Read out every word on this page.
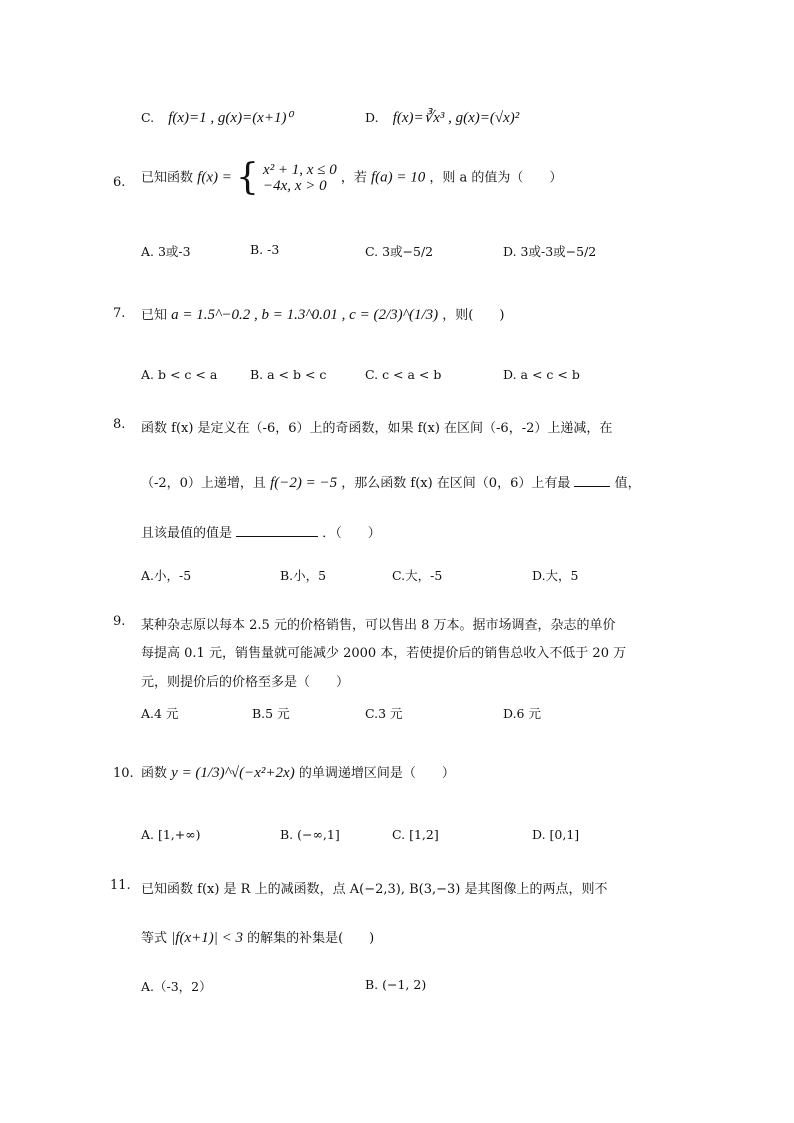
C. f(x)=1 , g(x)=(x+1)⁰	D. f(x)=∛x³ , g(x)=(√x)²
6. 已知函数 f(x) = { x² + 1, x ≤ 0
−4x, x > 0	，若 f(a) = 10 ，则 a 的值为（　　）
A. 3或-3	B. -3	C. 3或−5/2	D. 3或-3或−5/2
7. 已知 a = 1.5^−0.2 , b = 1.3^0.01 , c = (2/3)^(1/3) ，则(　　)
A. b < c < a	B. a < b < c	C. c < a < b	D. a < c < b
8. 函数 f(x) 是定义在（-6，6）上的奇函数，如果 f(x) 在区间（-6，-2）上递减，在
（-2，0）上递增，且 f(−2) = −5 ，那么函数 f(x) 在区间（0，6）上有最	值，
且该最值的值是	．（　　）
A.小，-5	B.小，5	C.大，-5	D.大，5
9. 某种杂志原以每本 2.5 元的价格销售，可以售出 8 万本。据市场调查，杂志的单价
每提高 0.1 元，销售量就可能减少 2000 本，若使提价后的销售总收入不低于 20 万
元，则提价后的价格至多是（　　）
A.4 元	B.5 元	C.3 元	D.6 元
10. 函数 y = (1/3)^√(−x²+2x) 的单调递增区间是（　　）
A. [1,+∞)	B. (−∞,1]	C. [1,2]	D. [0,1]
11. 已知函数 f(x) 是 R 上的减函数，点 A(−2,3), B(3,−3) 是其图像上的两点，则不
等式 |f(x+1)| < 3 的解集的补集是(　　)
A.（-3，2）	B. (−1, 2)
